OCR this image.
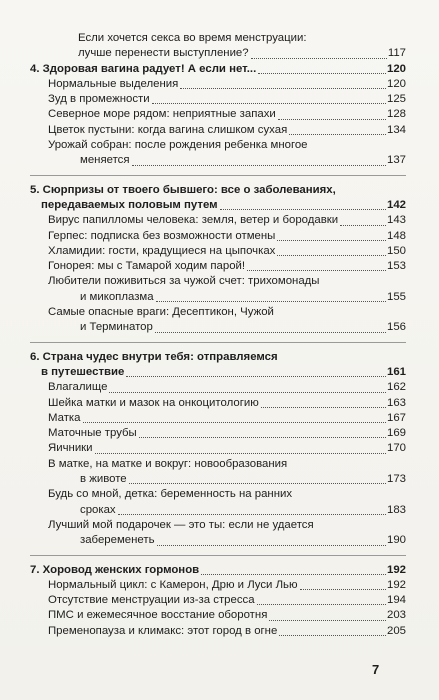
Если хочется секса во время менструации:
лучше перенести выступление?	117
4. Здоровая вагина радует! А если нет...	120
Нормальные выделения	120
Зуд в промежности	125
Северное море рядом: неприятные запахи	128
Цветок пустыни: когда вагина слишком сухая	134
Урожай собран: после рождения ребенка многое
меняется	137
5. Сюрпризы от твоего бывшего: все о заболеваниях,
передаваемых половым путем	142
Вирус папилломы человека: земля, ветер и бородавки	143
Герпес: подписка без возможности отмены	148
Хламидии: гости, крадущиеся на цыпочках	150
Гонорея: мы с Тамарой ходим парой!	153
Любители поживиться за чужой счет: трихомонады
и микоплазма	155
Самые опасные враги: Десептикон, Чужой
и Терминатор	156
6. Страна чудес внутри тебя: отправляемся
в путешествие	161
Влагалище	162
Шейка матки и мазок на онкоцитологию	163
Матка	167
Маточные трубы	169
Яичники	170
В матке, на матке и вокруг: новообразования
в животе	173
Будь со мной, детка: беременность на ранних
сроках	183
Лучший мой подарочек — это ты: если не удается
забеременеть	190
7. Хоровод женских гормонов	192
Нормальный цикл: с Камерон, Дрю и Луси Лью	192
Отсутствие менструации из-за стресса	194
ПМС и ежемесячное восстание оборотня	203
Пременопауза и климакс: этот город в огне	205
7
